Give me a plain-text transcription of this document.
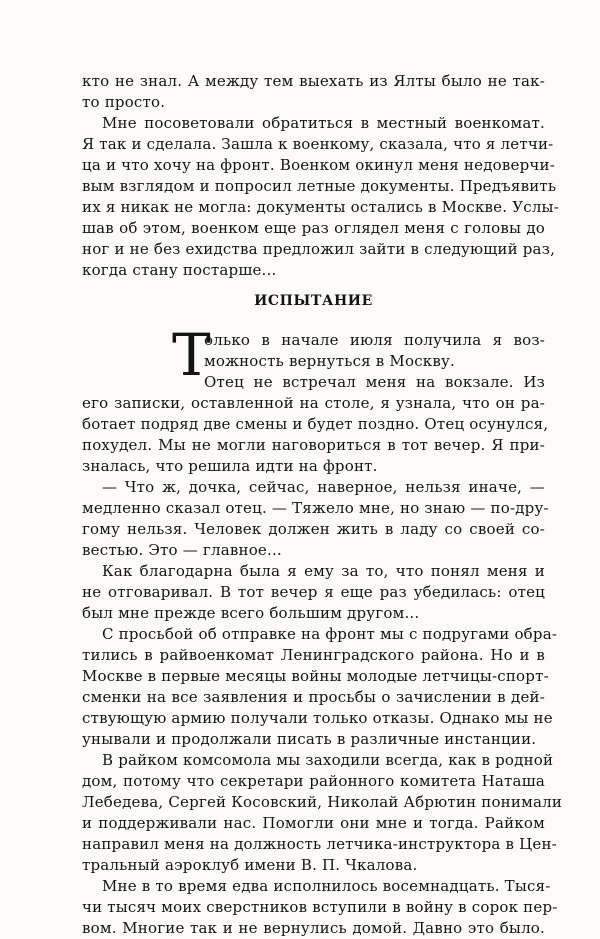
кто не знал. А между тем выехать из Ялты было не так-
то просто.
Мне посоветовали обратиться в местный военкомат.
Я так и сделала. Зашла к военкому, сказала, что я летчи-
ца и что хочу на фронт. Военком окинул меня недоверчи-
вым взглядом и попросил летные документы. Предъявить
их я никак не могла: документы остались в Москве. Услы-
шав об этом, военком еще раз оглядел меня с головы до
ног и не без ехидства предложил зайти в следующий раз,
когда стану постарше...
ИСПЫТАНИЕ
Т
олько в начале июля получила я воз-
можность вернуться в Москву.
Отец не встречал меня на вокзале. Из
его записки, оставленной на столе, я узнала, что он ра-
ботает подряд две смены и будет поздно. Отец осунулся,
похудел. Мы не могли наговориться в тот вечер. Я при-
зналась, что решила идти на фронт.
— Что ж, дочка, сейчас, наверное, нельзя иначе, —
медленно сказал отец. — Тяжело мне, но знаю — по-дру-
гому нельзя. Человек должен жить в ладу со своей со-
вестью. Это — главное...
Как благодарна была я ему за то, что понял меня и
не отговаривал. В тот вечер я еще раз убедилась: отец
был мне прежде всего большим другом...
С просьбой об отправке на фронт мы с подругами обра-
тились в райвоенкомат Ленинградского района. Но и в
Москве в первые месяцы войны молодые летчицы-спорт-
сменки на все заявления и просьбы о зачислении в дей-
ствующую армию получали только отказы. Однако мы не
унывали и продолжали писать в различные инстанции.
В райком комсомола мы заходили всегда, как в родной
дом, потому что секретари районного комитета Наташа
Лебедева, Сергей Косовский, Николай Абрютин понимали
и поддерживали нас. Помогли они мне и тогда. Райком
направил меня на должность летчика-инструктора в Цен-
тральный аэроклуб имени В. П. Чкалова.
Мне в то время едва исполнилось восемнадцать. Тыся-
чи тысяч моих сверстников вступили в войну в сорок пер-
вом. Многие так и не вернулись домой. Давно это было.
